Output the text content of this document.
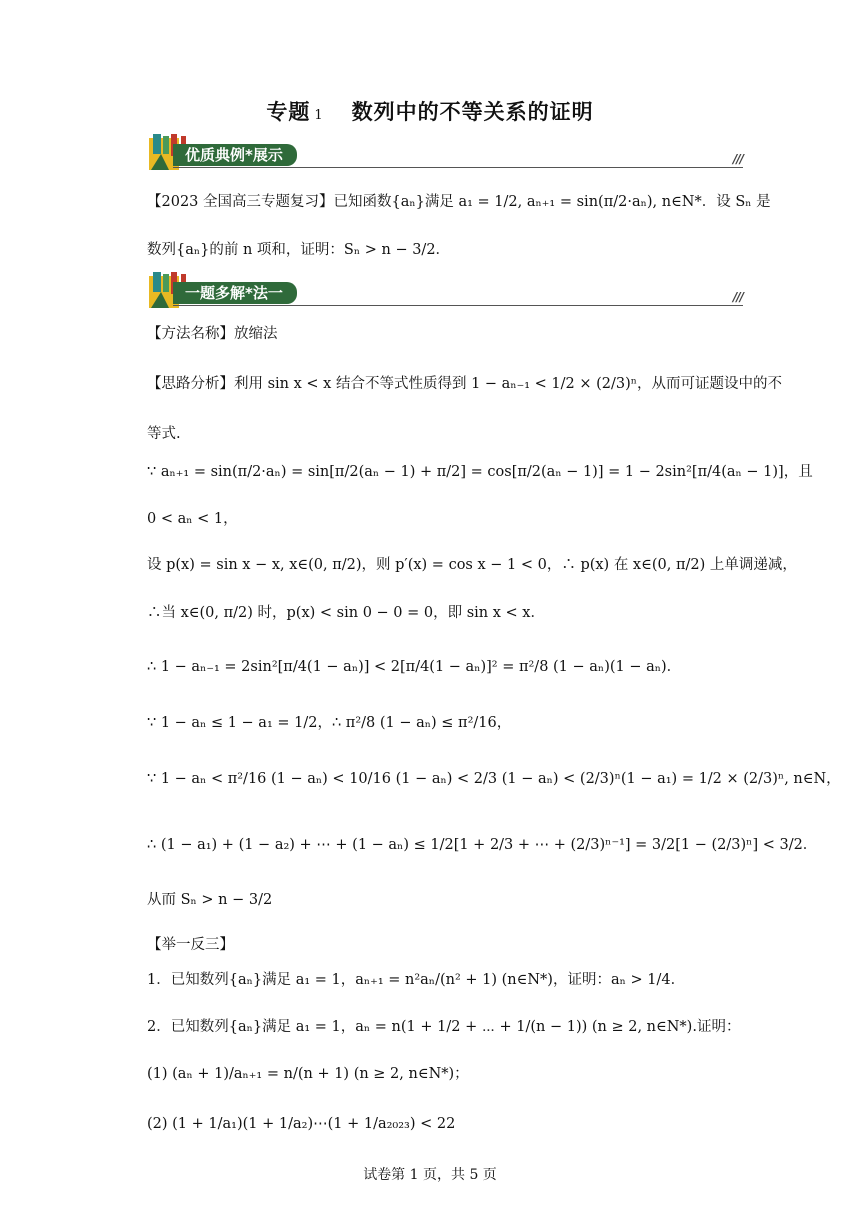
专题 1 数列中的不等关系的证明
优质典例*展示	///
【2023 全国高三专题复习】已知函数{aₙ}满足 a₁ = 1/2, aₙ₊₁ = sin(π/2·aₙ), n∈N*．设 Sₙ 是
数列{aₙ}的前 n 项和，证明：Sₙ > n − 3/2．
一题多解*法一	///
【方法名称】放缩法
【思路分析】利用 sin x < x 结合不等式性质得到 1 − aₙ₋₁ < 1/2 × (2/3)ⁿ，从而可证题设中的不
等式.
∵ aₙ₊₁ = sin(π/2·aₙ) = sin[π/2(aₙ − 1) + π/2] = cos[π/2(aₙ − 1)] = 1 − 2sin²[π/4(aₙ − 1)]，且
0 < aₙ < 1，
设 p(x) = sin x − x, x∈(0, π/2)，则 p′(x) = cos x − 1 < 0，∴ p(x) 在 x∈(0, π/2) 上单调递减，
∴当 x∈(0, π/2) 时，p(x) < sin 0 − 0 = 0，即 sin x < x．
∴ 1 − aₙ₋₁ = 2sin²[π/4(1 − aₙ)] < 2[π/4(1 − aₙ)]² = π²/8 (1 − aₙ)(1 − aₙ)．
∵ 1 − aₙ ≤ 1 − a₁ = 1/2，∴ π²/8 (1 − aₙ) ≤ π²/16，
∵ 1 − aₙ < π²/16 (1 − aₙ) < 10/16 (1 − aₙ) < 2/3 (1 − aₙ) < (2/3)ⁿ(1 − a₁) = 1/2 × (2/3)ⁿ, n∈N，
∴ (1 − a₁) + (1 − a₂) + ⋯ + (1 − aₙ) ≤ 1/2[1 + 2/3 + ⋯ + (2/3)ⁿ⁻¹] = 3/2[1 − (2/3)ⁿ] < 3/2．
从而 Sₙ > n − 3/2
【举一反三】
1．已知数列{aₙ}满足 a₁ = 1，aₙ₊₁ = n²aₙ/(n² + 1) (n∈N*)，证明：aₙ > 1/4．
2．已知数列{aₙ}满足 a₁ = 1，aₙ = n(1 + 1/2 + ⋯ + 1/(n − 1)) (n ≥ 2, n∈N*).证明：
(1) (aₙ + 1)/aₙ₊₁ = n/(n + 1) (n ≥ 2, n∈N*)；
(2) (1 + 1/a₁)(1 + 1/a₂)⋯(1 + 1/a₂₀₂₃) < 22
试卷第 1 页，共 5 页
